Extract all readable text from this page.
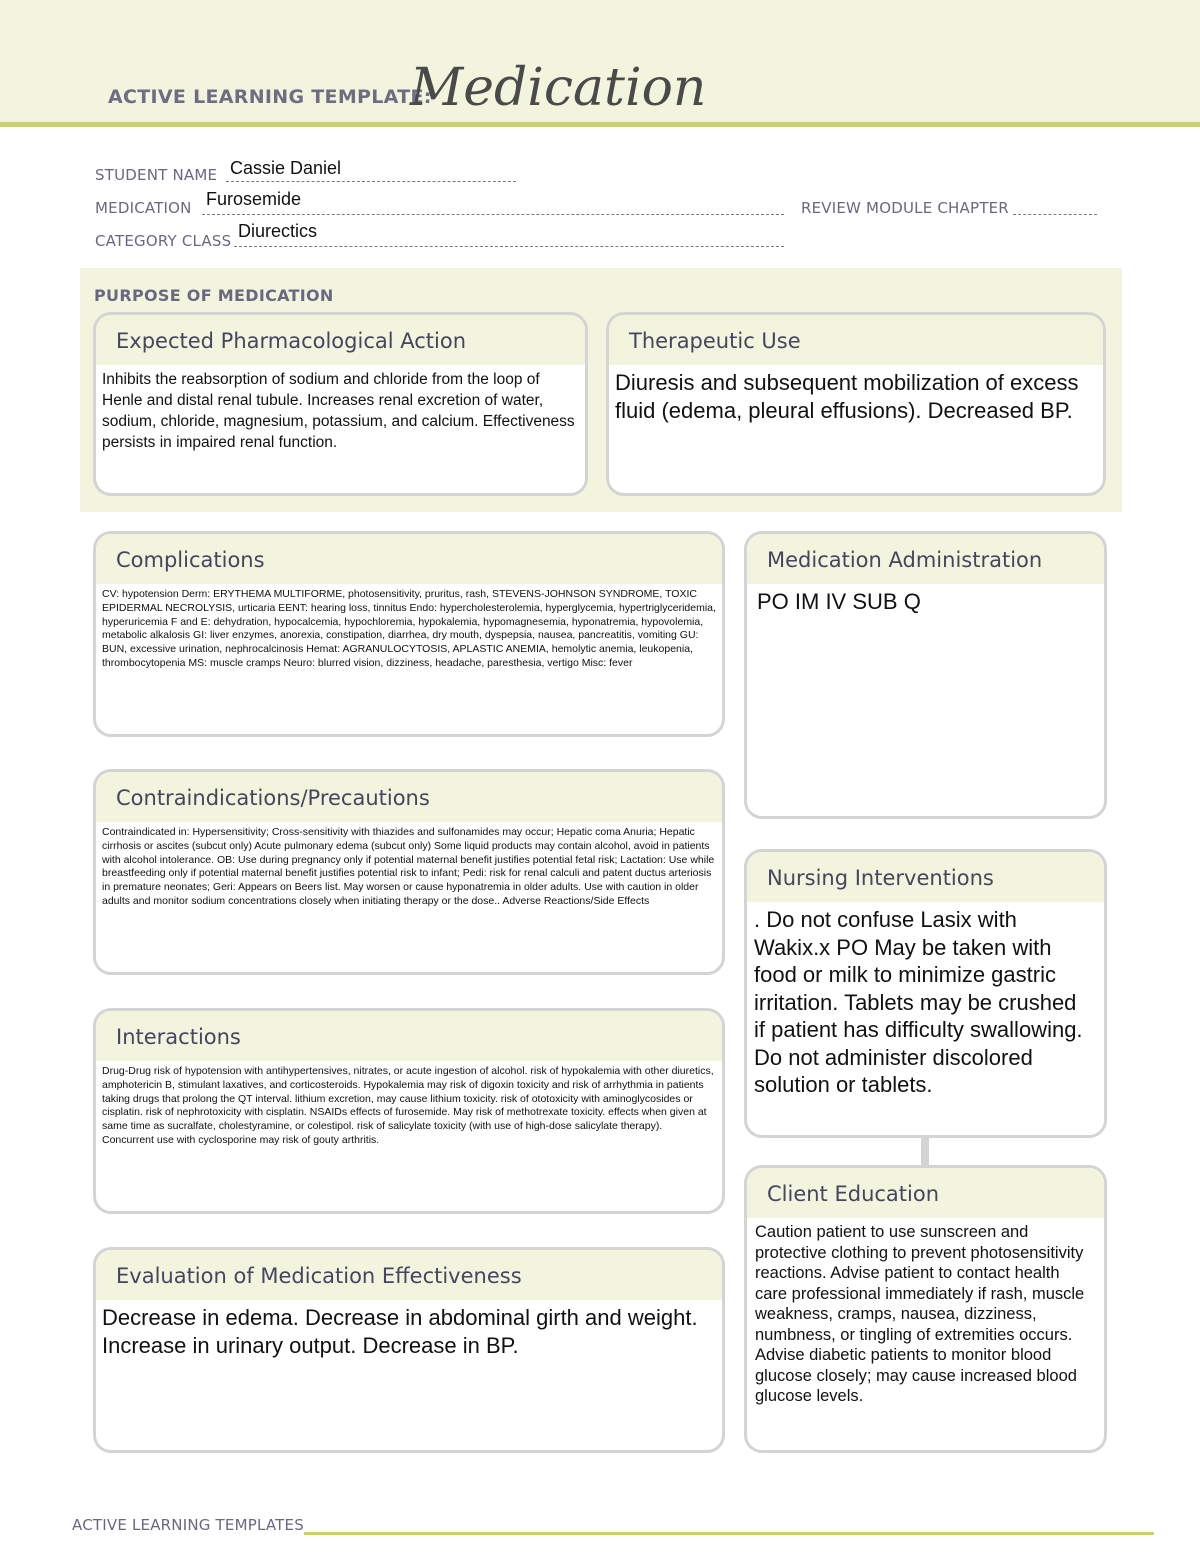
ACTIVE LEARNING TEMPLATE:
Medication
STUDENT NAME Cassie Daniel
MEDICATION Furosemide	REVIEW MODULE CHAPTER
CATEGORY CLASS Diurectics
PURPOSE OF MEDICATION
Expected Pharmacological Action
Inhibits the reabsorption of sodium and chloride from the loop of Henle and distal renal tubule. Increases renal excretion of water, sodium, chloride, magnesium, potassium, and calcium. Effectiveness persists in impaired renal function.
Therapeutic Use
Diuresis and subsequent mobilization of excess fluid (edema, pleural effusions). Decreased BP.
Complications
CV: hypotension Derm: ERYTHEMA MULTIFORME, photosensitivity, pruritus, rash, STEVENS-JOHNSON SYNDROME, TOXIC EPIDERMAL NECROLYSIS, urticaria EENT: hearing loss, tinnitus Endo: hypercholesterolemia, hyperglycemia, hypertriglyceridemia, hyperuricemia F and E: dehydration, hypocalcemia, hypochloremia, hypokalemia, hypomagnesemia, hyponatremia, hypovolemia, metabolic alkalosis GI: liver enzymes, anorexia, constipation, diarrhea, dry mouth, dyspepsia, nausea, pancreatitis, vomiting GU: BUN, excessive urination, nephrocalcinosis Hemat: AGRANULOCYTOSIS, APLASTIC ANEMIA, hemolytic anemia, leukopenia, thrombocytopenia MS: muscle cramps Neuro: blurred vision, dizziness, headache, paresthesia, vertigo Misc: fever
Contraindications/Precautions
Contraindicated in: Hypersensitivity; Cross-sensitivity with thiazides and sulfonamides may occur; Hepatic coma Anuria; Hepatic cirrhosis or ascites (subcut only) Acute pulmonary edema (subcut only) Some liquid products may contain alcohol, avoid in patients with alcohol intolerance. OB: Use during pregnancy only if potential maternal benefit justifies potential fetal risk; Lactation: Use while breastfeeding only if potential maternal benefit justifies potential risk to infant; Pedi: risk for renal calculi and patent ductus arteriosis in premature neonates; Geri: Appears on Beers list. May worsen or cause hyponatremia in older adults. Use with caution in older adults and monitor sodium concentrations closely when initiating therapy or the dose.. Adverse Reactions/Side Effects
Interactions
Drug-Drug risk of hypotension with antihypertensives, nitrates, or acute ingestion of alcohol. risk of hypokalemia with other diuretics, amphotericin B, stimulant laxatives, and corticosteroids. Hypokalemia may risk of digoxin toxicity and risk of arrhythmia in patients taking drugs that prolong the QT interval. lithium excretion, may cause lithium toxicity. risk of ototoxicity with aminoglycosides or cisplatin. risk of nephrotoxicity with cisplatin. NSAIDs effects of furosemide. May risk of methotrexate toxicity. effects when given at same time as sucralfate, cholestyramine, or colestipol. risk of salicylate toxicity (with use of high-dose salicylate therapy). Concurrent use with cyclosporine may risk of gouty arthritis.
Evaluation of Medication Effectiveness
Decrease in edema. Decrease in abdominal girth and weight. Increase in urinary output. Decrease in BP.
Medication Administration
PO IM IV SUB Q
Nursing Interventions
. Do not confuse Lasix with Wakix.x PO May be taken with food or milk to minimize gastric irritation. Tablets may be crushed if patient has difficulty swallowing. Do not administer discolored solution or tablets.
Client Education
Caution patient to use sunscreen and protective clothing to prevent photosensitivity reactions. Advise patient to contact health care professional immediately if rash, muscle weakness, cramps, nausea, dizziness, numbness, or tingling of extremities occurs. Advise diabetic patients to monitor blood glucose closely; may cause increased blood glucose levels.
ACTIVE LEARNING TEMPLATES
